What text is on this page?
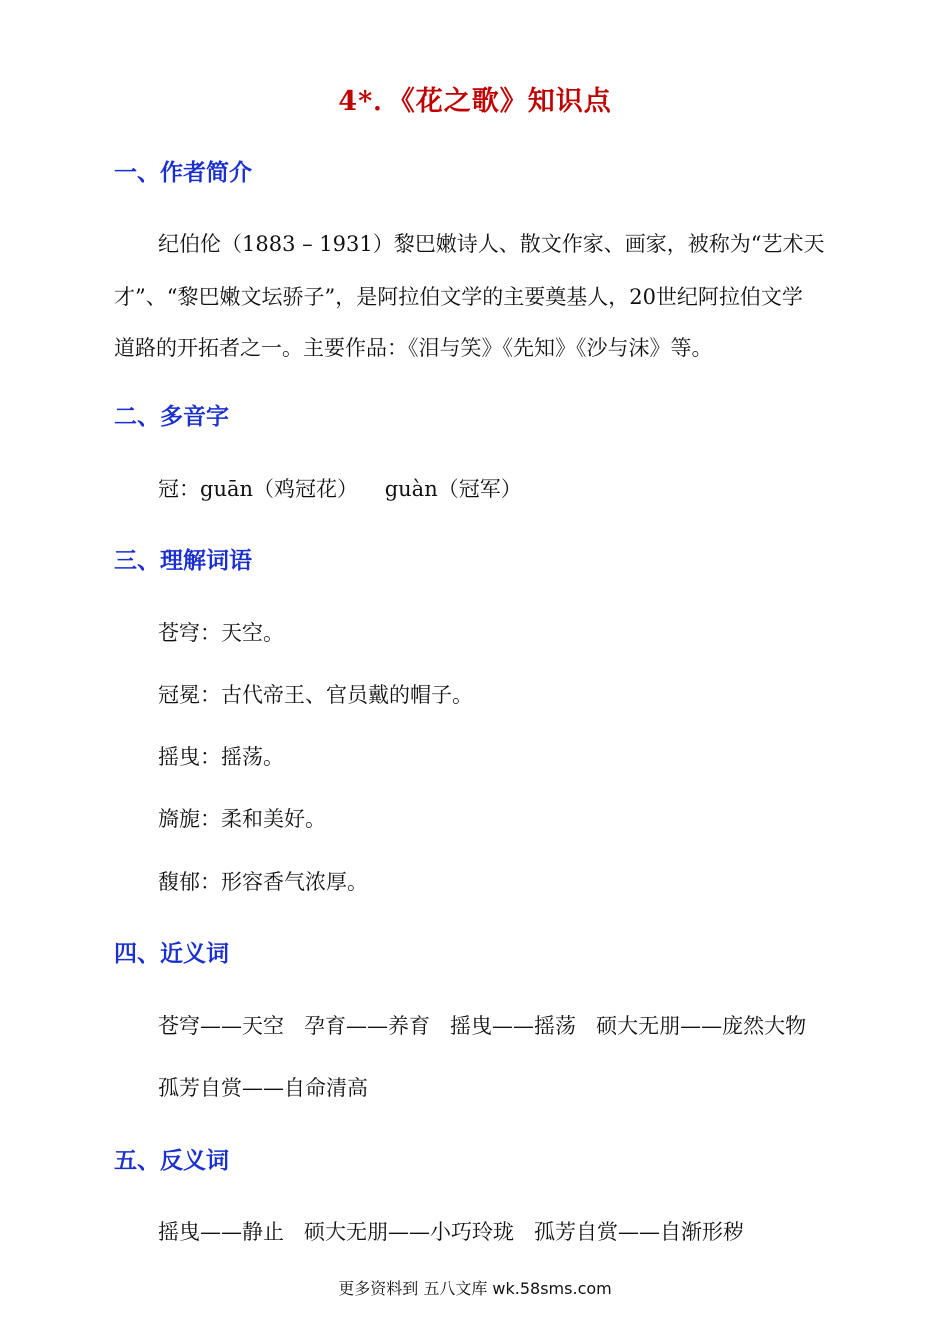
4*．《花之歌》知识点
一、作者简介
纪伯伦（1883 – 1931）黎巴嫩诗人、散文作家、画家，被称为“艺术天
才”、“黎巴嫩文坛骄子”，是阿拉伯文学的主要奠基人，20世纪阿拉伯文学
道路的开拓者之一。主要作品：《泪与笑》《先知》《沙与沫》等。
二、多音字
冠：guān（鸡冠花）    guàn（冠军）
三、理解词语
苍穹：天空。
冠冕：古代帝王、官员戴的帽子。
摇曳：摇荡。
旖旎：柔和美好。
馥郁：形容香气浓厚。
四、近义词
苍穹——天空   孕育——养育   摇曳——摇荡   硕大无朋——庞然大物
孤芳自赏——自命清高
五、反义词
摇曳——静止   硕大无朋——小巧玲珑   孤芳自赏——自渐形秽
更多资料到 五八文库 wk.58sms.com
